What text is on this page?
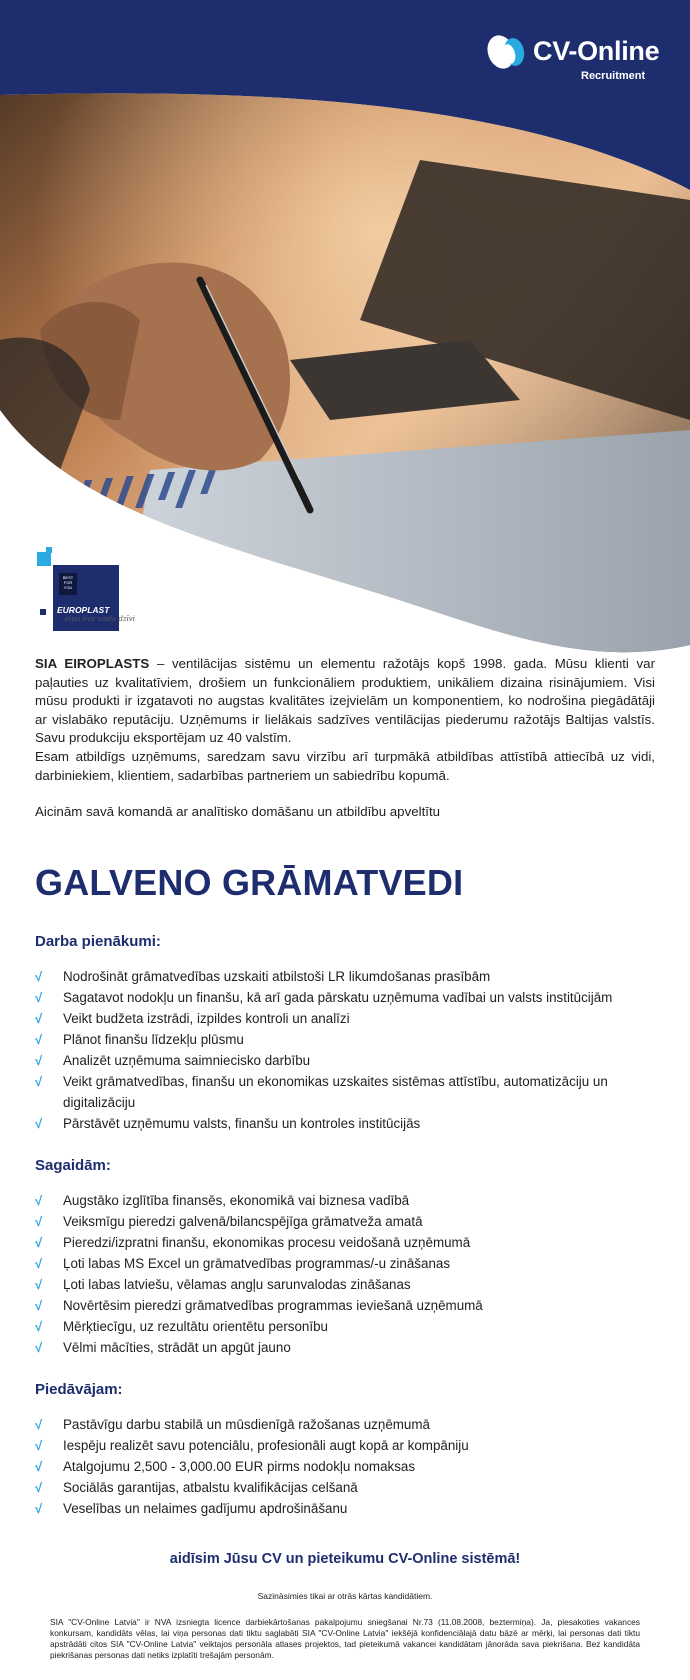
CV-Online
Recruitment
BEST FOR YOU
EUROPLAST
elpo līva vaida dzīvi

SIA EIROPLASTS – ventilācijas sistēmu un elementu ražotājs kopš 1998. gada. Mūsu klienti var paļauties uz kvalitatīviem, drošiem un funkcionāliem produktiem, unikāliem dizaina risinājumiem. Visi mūsu produkti ir izgatavoti no augstas kvalitātes izejvielām un komponentiem, ko nodrošina piegādātāji ar vislabāko reputāciju. Uzņēmums ir lielākais sadzīves ventilācijas piederumu ražotājs Baltijas valstīs. Savu produkciju eksportējam uz 40 valstīm.
Esam atbildīgs uzņēmums, saredzam savu virzību arī turpmākā atbildības attīstībā attiecībā uz vidi, darbiniekiem, klientiem, sadarbības partneriem un sabiedrību kopumā.

Aicinām savā komandā ar analītisko domāšanu un atbildību apveltītu

GALVENO GRĀMATVEDI
Darba pienākumi:
√ Nodrošināt grāmatvedības uzskaiti atbilstoši LR likumdošanas prasībām
√ Sagatavot nodokļu un finanšu, kā arī gada pārskatu uzņēmuma vadībai un valsts institūcijām
√ Veikt budžeta izstrādi, izpildes kontroli un analīzi
√ Plānot finanšu līdzekļu plūsmu
√ Analizēt uzņēmuma saimniecisko darbību
√ Veikt grāmatvedības, finanšu un ekonomikas uzskaites sistēmas attīstību, automatizāciju un digitalizāciju
√ Pārstāvēt uzņēmumu valsts, finanšu un kontroles institūcijās
Sagaidām:
√ Augstāko izglītība finansēs, ekonomikā vai biznesa vadībā
√ Veiksmīgu pieredzi galvenā/bilancspējīga grāmatveža amatā
√ Pieredzi/izpratni finanšu, ekonomikas procesu veidošanā uzņēmumā
√ Ļoti labas MS Excel un grāmatvedības programmas/-u zināšanas
√ Ļoti labas latviešu, vēlamas angļu sarunvalodas zināšanas
√ Novērtēsim pieredzi grāmatvedības programmas ieviešanā uzņēmumā
√ Mērķtiecīgu, uz rezultātu orientētu personību
√ Vēlmi mācīties, strādāt un apgūt jauno
Piedāvājam:
√ Pastāvīgu darbu stabilā un mūsdienīgā ražošanas uzņēmumā
√ Iespēju realizēt savu potenciālu, profesionāli augt kopā ar kompāniju
√ Atalgojumu 2,500 - 3,000.00 EUR pirms nodokļu nomaksas
√ Sociālās garantijas, atbalstu kvalifikācijas celšanā
√ Veselības un nelaimes gadījumu apdrošināšanu

aidīsim Jūsu CV un pieteikumu CV-Online sistēmā!

Sazināsimies tikai ar otrās kārtas kandidātiem.

SIA "CV-Online Latvia" ir NVA izsniegta licence darbiekārtošanas pakalpojumu sniegšanai Nr.73 (11.08.2008, beztermiņa). Ja, piesakoties vakances konkursam, kandidāts vēlas, lai viņa personas dati tiktu saglabāti SIA "CV-Online Latvia" iekšējā konfidenciālajā datu bāzē ar mērķi, lai personas dati tiktu apstrādāti citos SIA "CV-Online Latvia" veiktajos personāla atlases projektos, tad pieteikumā vakancei kandidātam jānorāda sava piekrišana. Bez kandidāta piekrišanas personas dati netiks izplatīti trešajām personām.
